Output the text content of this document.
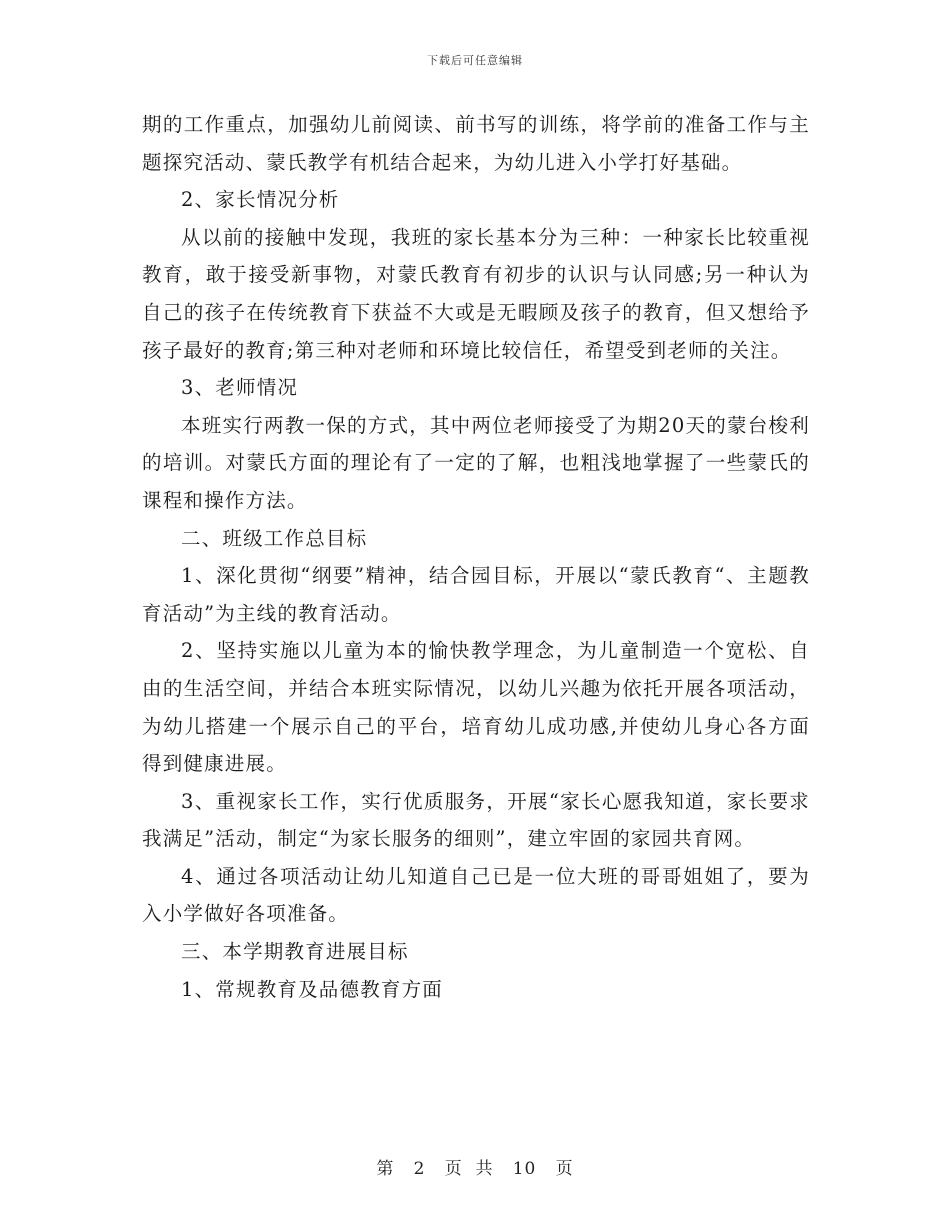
下载后可任意编辑

期的工作重点，加强幼儿前阅读、前书写的训练，将学前的准备工作与主题探究活动、蒙氏教学有机结合起来，为幼儿进入小学打好基础。

2、家长情况分析

从以前的接触中发现，我班的家长基本分为三种：一种家长比较重视教育，敢于接受新事物，对蒙氏教育有初步的认识与认同感;另一种认为自己的孩子在传统教育下获益不大或是无暇顾及孩子的教育，但又想给予孩子最好的教育;第三种对老师和环境比较信任，希望受到老师的关注。

3、老师情况

本班实行两教一保的方式，其中两位老师接受了为期20天的蒙台梭利的培训。对蒙氏方面的理论有了一定的了解，也粗浅地掌握了一些蒙氏的课程和操作方法。

二、班级工作总目标

1、深化贯彻“纲要”精神，结合园目标，开展以“蒙氏教育“、主题教育活动”为主线的教育活动。

2、坚持实施以儿童为本的愉快教学理念，为儿童制造一个宽松、自由的生活空间，并结合本班实际情况，以幼儿兴趣为依托开展各项活动，为幼儿搭建一个展示自己的平台，培育幼儿成功感,并使幼儿身心各方面得到健康进展。

3、重视家长工作，实行优质服务，开展“家长心愿我知道，家长要求我满足”活动，制定“为家长服务的细则”，建立牢固的家园共育网。

4、通过各项活动让幼儿知道自己已是一位大班的哥哥姐姐了，要为入小学做好各项准备。

三、本学期教育进展目标

1、常规教育及品德教育方面

第 2 页  共 10 页
